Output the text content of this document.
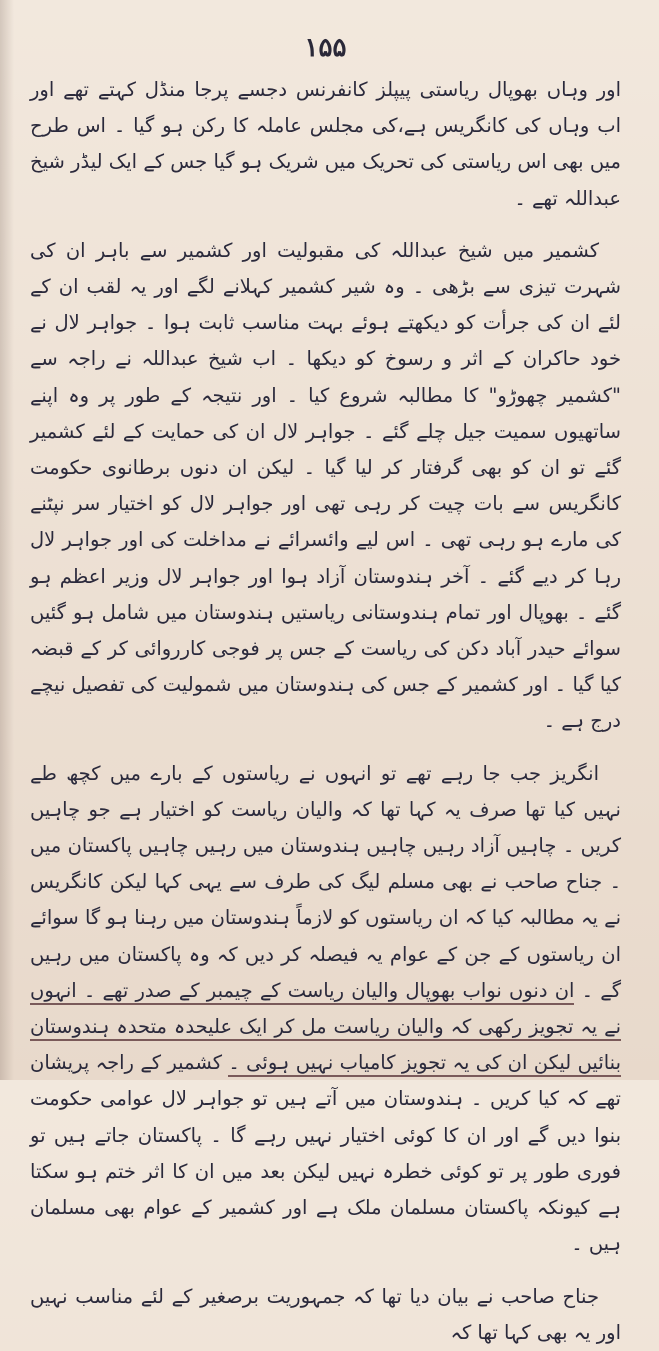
۱۵۵

اور وہاں بھوپال ریاستی پیپلز کانفرنس دجسے پرجا منڈل کہتے تھے اور اب وہاں کی کانگریس ہے،کی مجلس عاملہ کا رکن ہو گیا ۔ اس طرح میں بھی اس ریاستی کی تحریک میں شریک ہو گیا جس کے ایک لیڈر شیخ عبداللہ تھے ۔

کشمیر میں شیخ عبداللہ کی مقبولیت اور کشمیر سے باہر ان کی شہرت تیزی سے بڑھی ۔ وہ شیر کشمیر کہلانے لگے اور یہ لقب ان کے لئے ان کی جرأت کو دیکھتے ہوئے بہت مناسب ثابت ہوا ۔ جواہر لال نے خود حاکران کے اثر و رسوخ کو دیکھا ۔ اب شیخ عبداللہ نے راجہ سے "کشمیر چھوڑو" کا مطالبہ شروع کیا ۔ اور نتیجہ کے طور پر وہ اپنے ساتھیوں سمیت جیل چلے گئے ۔ جواہر لال ان کی حمایت کے لئے کشمیر گئے تو ان کو بھی گرفتار کر لیا گیا ۔ لیکن ان دنوں برطانوی حکومت کانگریس سے بات چیت کر رہی تھی اور جواہر لال کو اختیار سر نپٹنے کی مارے ہو رہی تھی ۔ اس لیے وائسرائے نے مداخلت کی اور جواہر لال رہا کر دیے گئے ۔ آخر ہندوستان آزاد ہوا اور جواہر لال وزیر اعظم ہو گئے ۔ بھوپال اور تمام ہندوستانی ریاستیں ہندوستان میں شامل ہو گئیں سوائے حیدر آباد دکن کی ریاست کے جس پر فوجی کارروائی کر کے قبضہ کیا گیا ۔ اور کشمیر کے جس کی ہندوستان میں شمولیت کی تفصیل نیچے درج ہے ۔

انگریز جب جا رہے تھے تو انہوں نے ریاستوں کے بارے میں کچھ طے نہیں کیا تھا صرف یہ کہا تھا کہ والیان ریاست کو اختیار ہے جو چاہیں کریں ۔ چاہیں آزاد رہیں چاہیں ہندوستان میں رہیں چاہیں پاکستان میں ۔ جناح صاحب نے بھی مسلم لیگ کی طرف سے یہی کہا لیکن کانگریس نے یہ مطالبہ کیا کہ ان ریاستوں کو لازماً ہندوستان میں رہنا ہو گا سوائے ان ریاستوں کے جن کے عوام یہ فیصلہ کر دیں کہ وہ پاکستان میں رہیں گے ۔ ان دنوں نواب بھوپال والیان ریاست کے چیمبر کے صدر تھے ۔ انہوں نے یہ تجویز رکھی کہ والیان ریاست مل کر ایک علیحدہ متحدہ ہندوستان بنائیں لیکن ان کی یہ تجویز کامیاب نہیں ہوئی ۔ کشمیر کے راجہ پریشان تھے کہ کیا کریں ۔ ہندوستان میں آتے ہیں تو جواہر لال عوامی حکومت بنوا دیں گے اور ان کا کوئی اختیار نہیں رہے گا ۔ پاکستان جاتے ہیں تو فوری طور پر تو کوئی خطرہ نہیں لیکن بعد میں ان کا اثر ختم ہو سکتا ہے کیونکہ پاکستان مسلمان ملک ہے اور کشمیر کے عوام بھی مسلمان ہیں ۔

جناح صاحب نے بیان دیا تھا کہ جمہوریت برصغیر کے لئے مناسب نہیں اور یہ بھی کہا تھا کہ
